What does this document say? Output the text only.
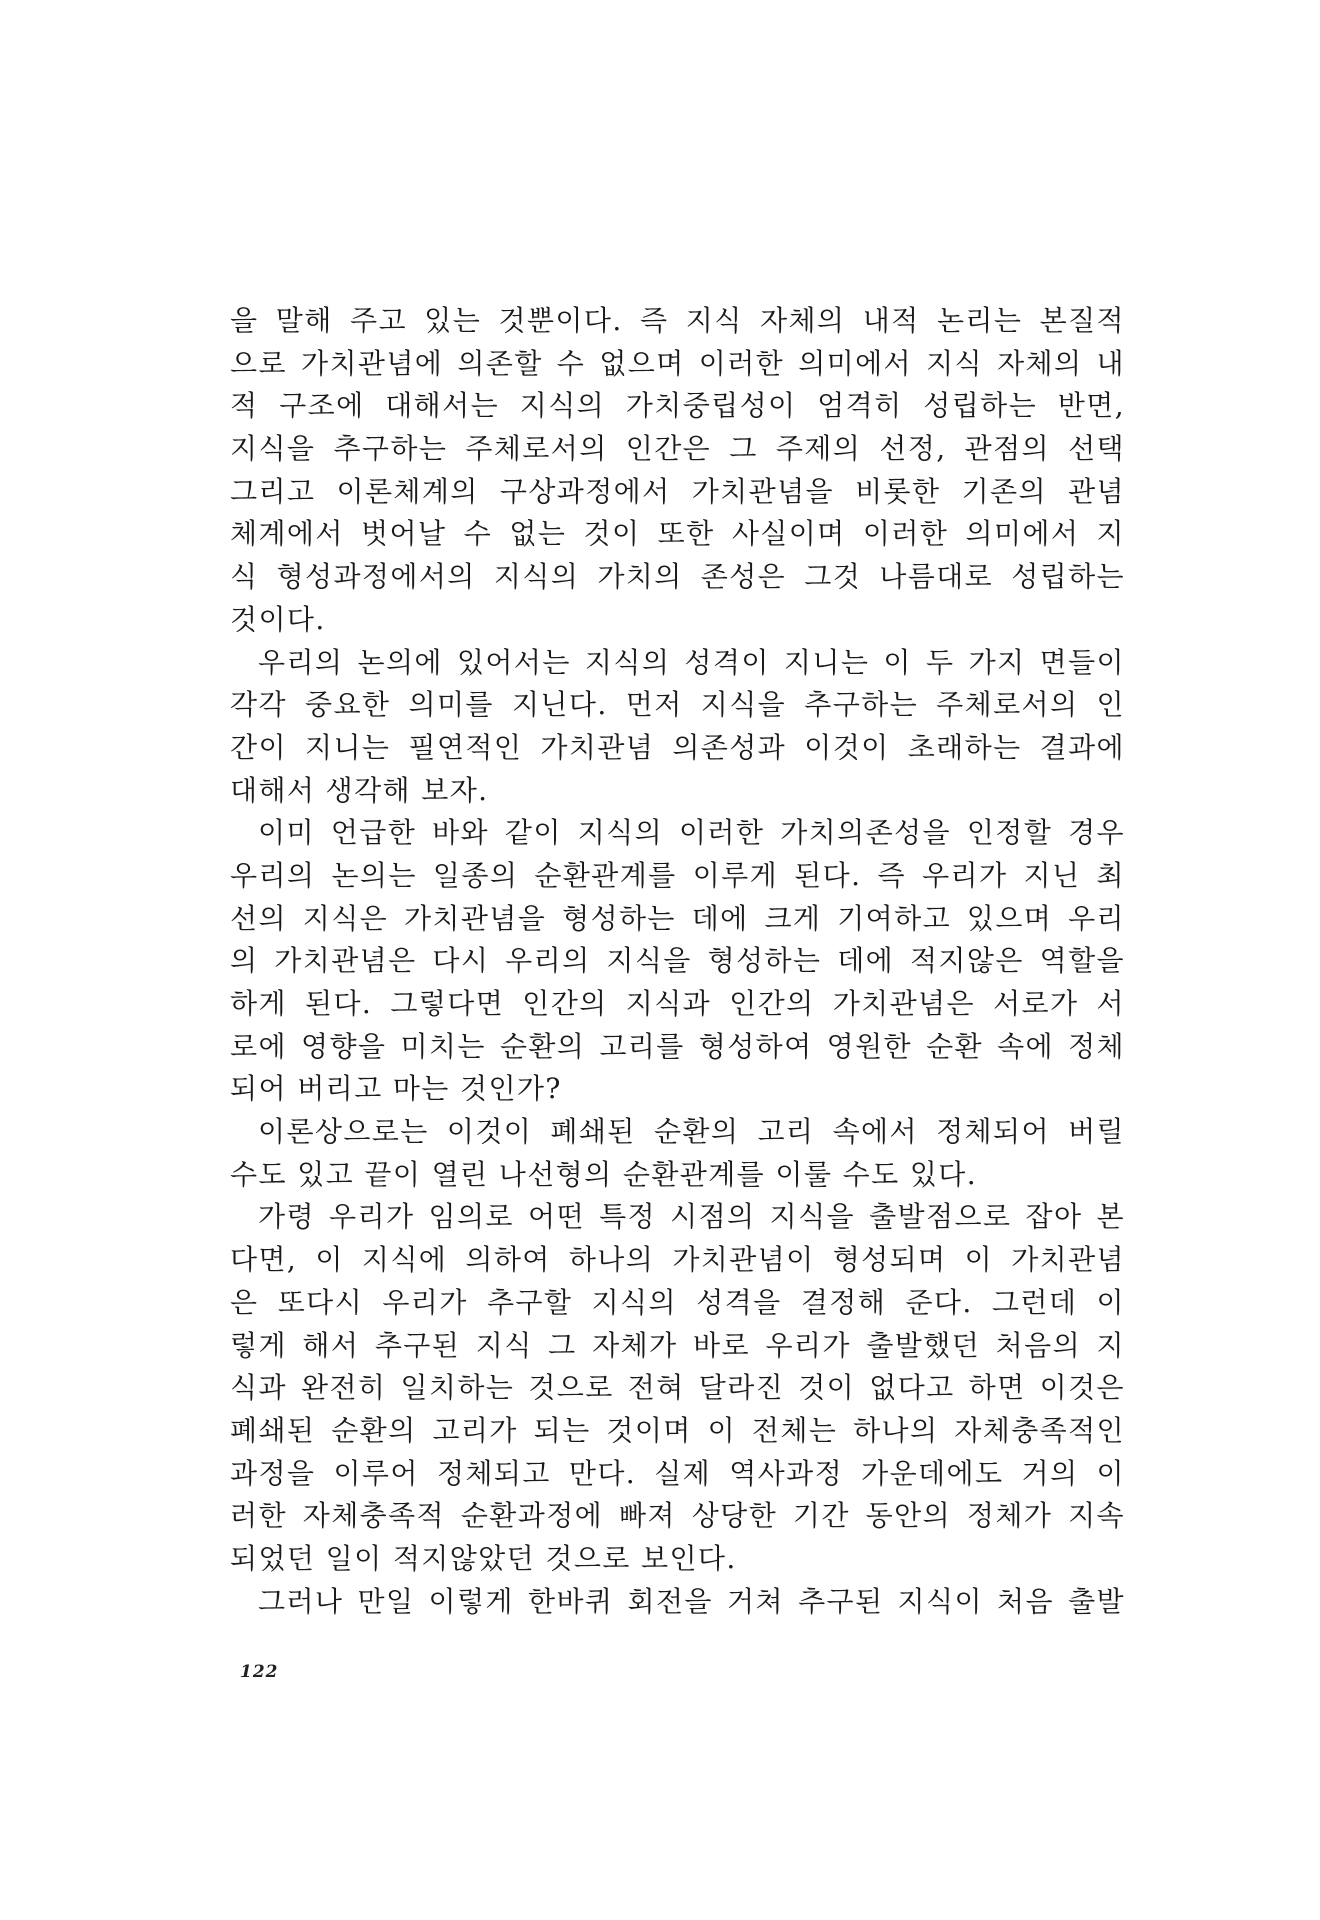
을 말해 주고 있는 것뿐이다. 즉 지식 자체의 내적 논리는 본질적
으로 가치관념에 의존할 수 없으며 이러한 의미에서 지식 자체의 내
적 구조에 대해서는 지식의 가치중립성이 엄격히 성립하는 반면,
지식을 추구하는 주체로서의 인간은 그 주제의 선정, 관점의 선택
그리고 이론체계의 구상과정에서 가치관념을 비롯한 기존의 관념
체계에서 벗어날 수 없는 것이 또한 사실이며 이러한 의미에서 지
식 형성과정에서의 지식의 가치의 존성은 그것 나름대로 성립하는
것이다.
우리의 논의에 있어서는 지식의 성격이 지니는 이 두 가지 면들이
각각 중요한 의미를 지닌다. 먼저 지식을 추구하는 주체로서의 인
간이 지니는 필연적인 가치관념 의존성과 이것이 초래하는 결과에
대해서 생각해 보자.
이미 언급한 바와 같이 지식의 이러한 가치의존성을 인정할 경우
우리의 논의는 일종의 순환관계를 이루게 된다. 즉 우리가 지닌 최
선의 지식은 가치관념을 형성하는 데에 크게 기여하고 있으며 우리
의 가치관념은 다시 우리의 지식을 형성하는 데에 적지않은 역할을
하게 된다. 그렇다면 인간의 지식과 인간의 가치관념은 서로가 서
로에 영향을 미치는 순환의 고리를 형성하여 영원한 순환 속에 정체
되어 버리고 마는 것인가?
이론상으로는 이것이 폐쇄된 순환의 고리 속에서 정체되어 버릴
수도 있고 끝이 열린 나선형의 순환관계를 이룰 수도 있다.
가령 우리가 임의로 어떤 특정 시점의 지식을 출발점으로 잡아 본
다면, 이 지식에 의하여 하나의 가치관념이 형성되며 이 가치관념
은 또다시 우리가 추구할 지식의 성격을 결정해 준다. 그런데 이
렇게 해서 추구된 지식 그 자체가 바로 우리가 출발했던 처음의 지
식과 완전히 일치하는 것으로 전혀 달라진 것이 없다고 하면 이것은
폐쇄된 순환의 고리가 되는 것이며 이 전체는 하나의 자체충족적인
과정을 이루어 정체되고 만다. 실제 역사과정 가운데에도 거의 이
러한 자체충족적 순환과정에 빠져 상당한 기간 동안의 정체가 지속
되었던 일이 적지않았던 것으로 보인다.
그러나 만일 이렇게 한바퀴 회전을 거쳐 추구된 지식이 처음 출발
122
